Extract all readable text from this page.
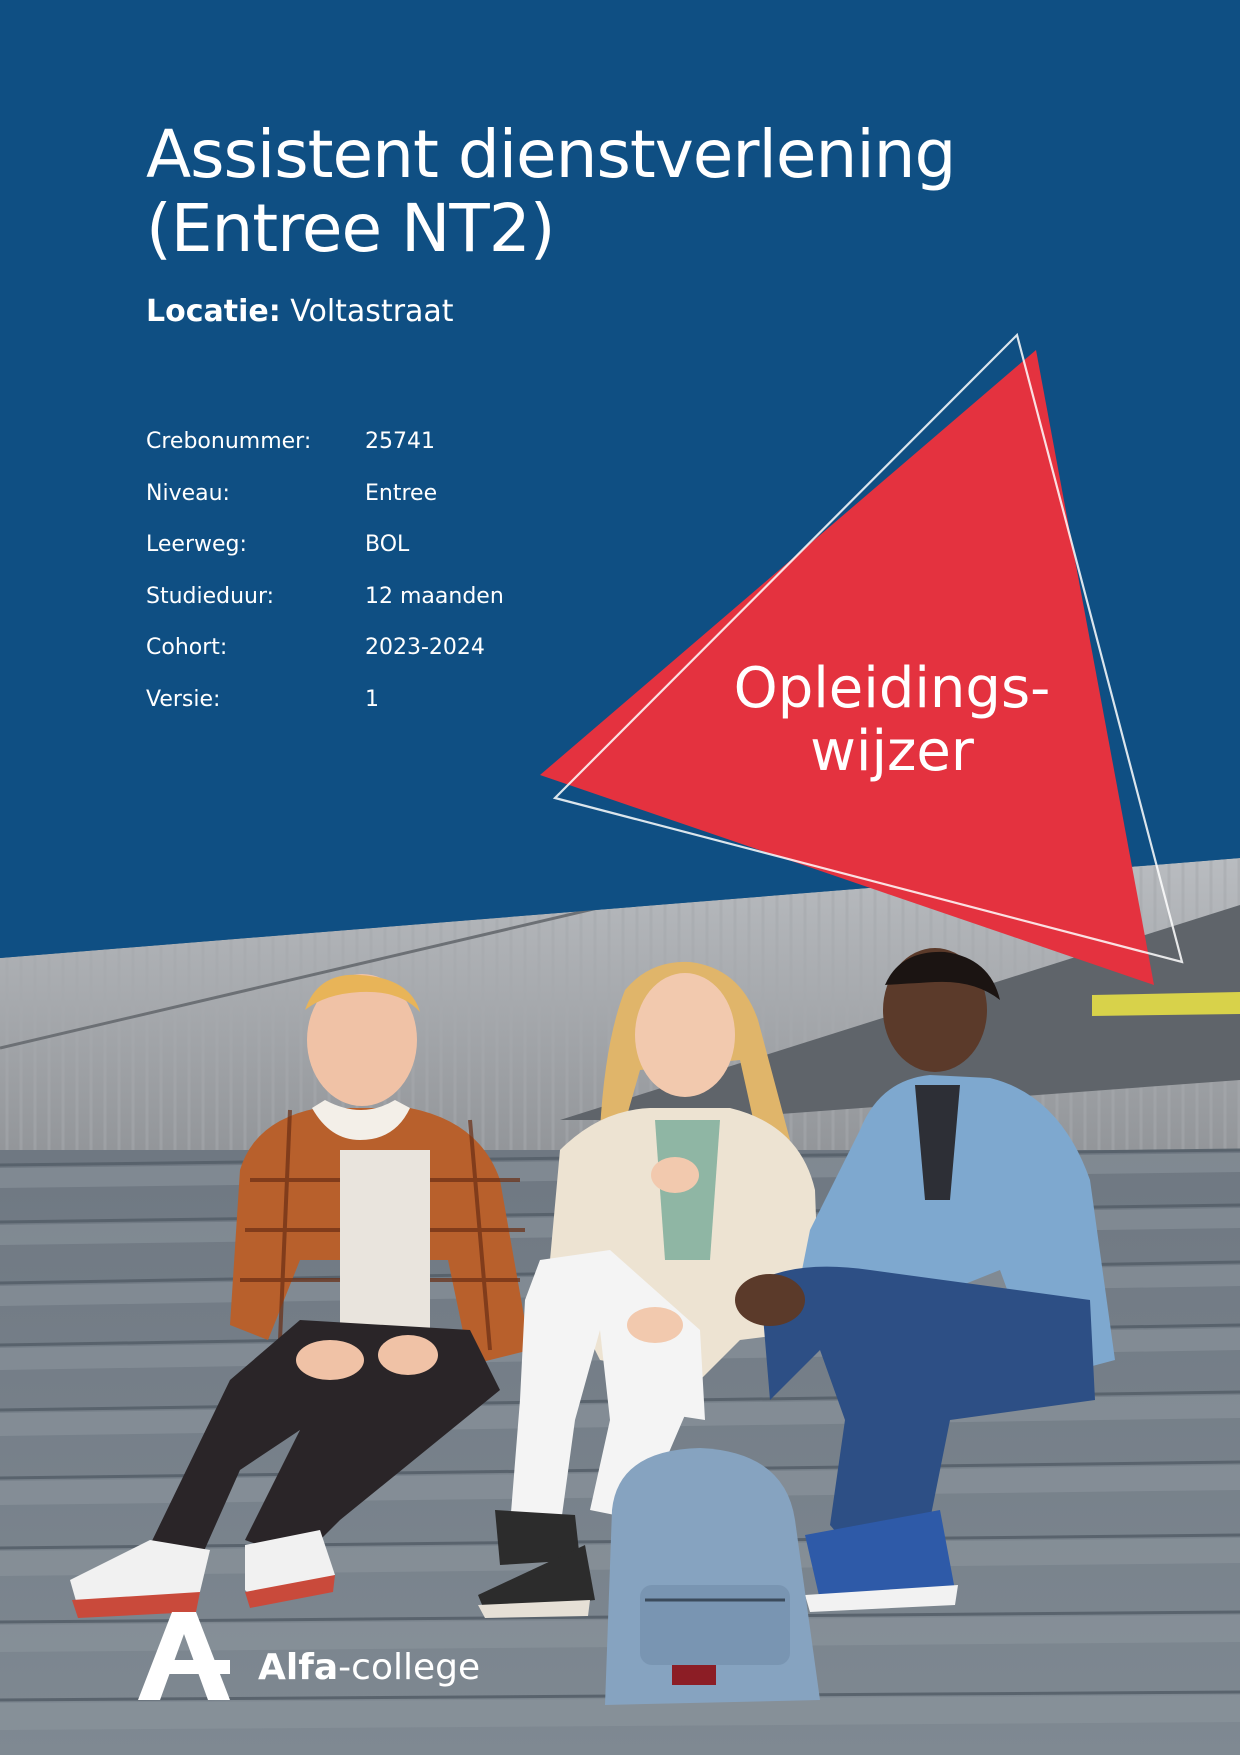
Assistent dienstverlening
(Entree NT2)
Locatie: Voltastraat
Crebonummer: 25741
Niveau:	Entree
Leerweg:	BOL
Studieduur:	12 maanden
Cohort:	2023-2024
Versie:	1	Opleidings-
wijzer
Alfa-college
